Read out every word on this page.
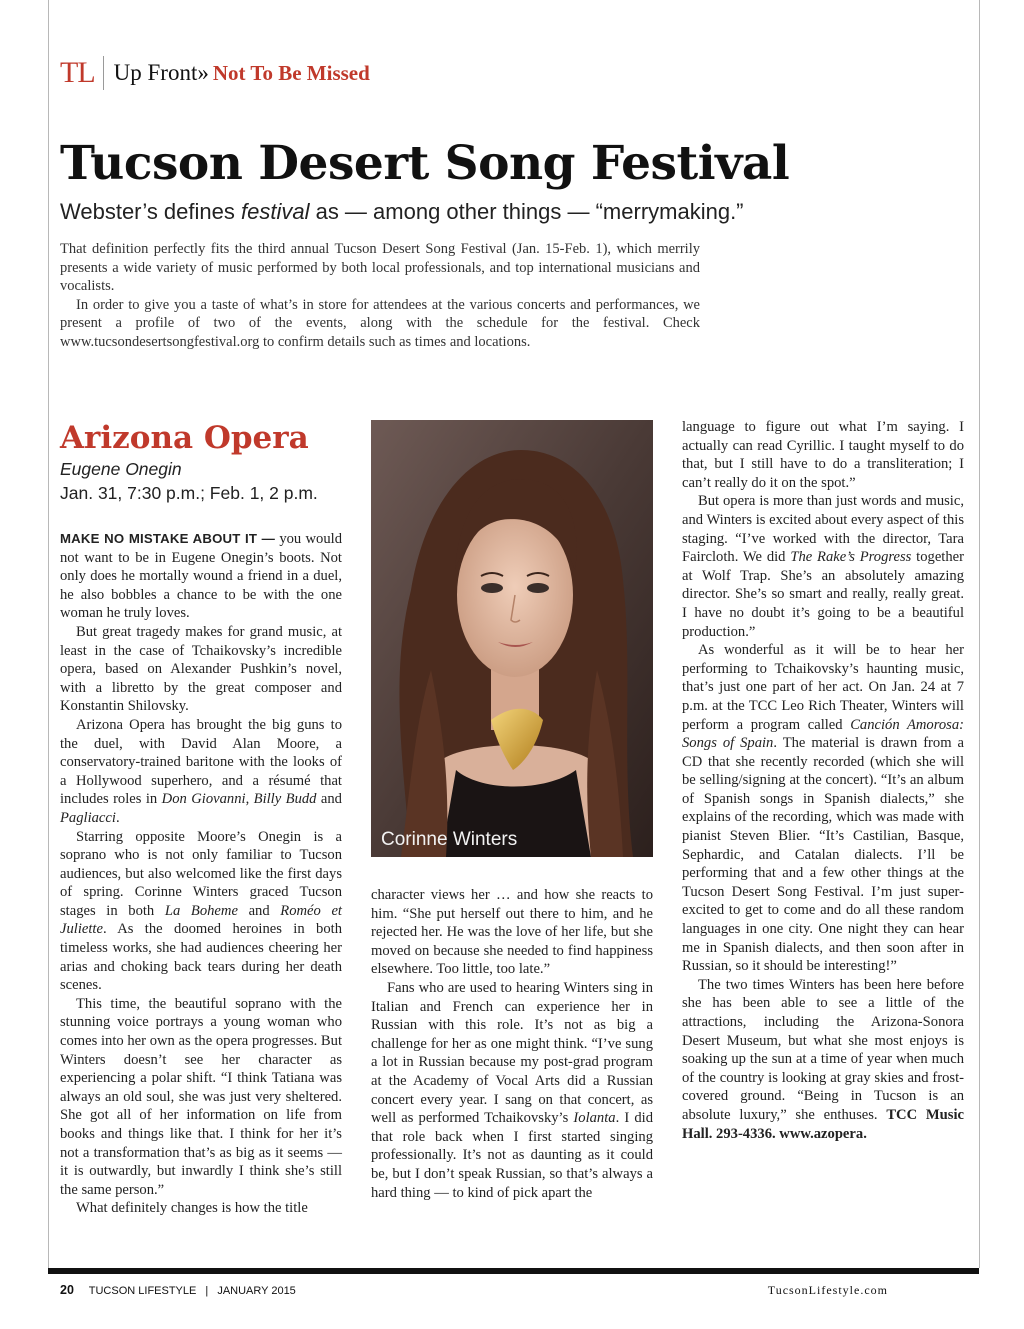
TL Up Front» Not To Be Missed
Tucson Desert Song Festival

Webster’s defines festival as — among other things — “merrymaking.”

That definition perfectly fits the third annual Tucson Desert Song Festival (Jan. 15-Feb. 1), which merrily presents a wide variety of music performed by both local professionals, and top international musicians and vocalists.

In order to give you a taste of what’s in store for attendees at the various concerts and performances, we present a profile of two of the events, along with the schedule for the festival. Check www.tucsondesertsongfestival.org to confirm details such as times and locations.

Arizona Opera
Eugene Onegin
Jan. 31, 7:30 p.m.; Feb. 1, 2 p.m.

MAKE NO MISTAKE ABOUT IT — you would not want to be in Eugene Onegin’s boots. Not only does he mortally wound a friend in a duel, he also bobbles a chance to be with the one woman he truly loves.

But great tragedy makes for grand music, at least in the case of Tchaikovsky’s incredible opera, based on Alexander Pushkin’s novel, with a libretto by the great composer and Konstantin Shilovsky.

Arizona Opera has brought the big guns to the duel, with David Alan Moore, a conservatory-trained baritone with the looks of a Hollywood superhero, and a résumé that includes roles in Don Giovanni, Billy Budd and Pagliacci.

Starring opposite Moore’s Onegin is a soprano who is not only familiar to Tucson audiences, but also welcomed like the first days of spring. Corinne Winters graced Tucson stages in both La Boheme and Roméo et Juliette. As the doomed heroines in both timeless works, she had audiences cheering her arias and choking back tears during her death scenes.

This time, the beautiful soprano with the stunning voice portrays a young woman who comes into her own as the opera progresses. But Winters doesn’t see her character as experiencing a polar shift. “I think Tatiana was always an old soul, she was just very sheltered. She got all of her information on life from books and things like that. I think for her it’s not a transformation that’s as big as it seems — it is outwardly, but inwardly I think she’s still the same person.”

What definitely changes is how the title

Corinne Winters

character views her … and how she reacts to him. “She put herself out there to him, and he rejected her. He was the love of her life, but she moved on because she needed to find happiness elsewhere. Too little, too late.”

Fans who are used to hearing Winters sing in Italian and French can experience her in Russian with this role. It’s not as big a challenge for her as one might think. “I’ve sung a lot in Russian because my post-grad program at the Academy of Vocal Arts did a Russian concert every year. I sang on that concert, as well as performed Tchaikovsky’s Iolanta. I did that role back when I first started singing professionally. It’s not as daunting as it could be, but I don’t speak Russian, so that’s always a hard thing — to kind of pick apart the

language to figure out what I’m saying. I actually can read Cyrillic. I taught myself to do that, but I still have to do a transliteration; I can’t really do it on the spot.”

But opera is more than just words and music, and Winters is excited about every aspect of this staging. “I’ve worked with the director, Tara Faircloth. We did The Rake’s Progress together at Wolf Trap. She’s an absolutely amazing director. She’s so smart and really, really great. I have no doubt it’s going to be a beautiful production.”

As wonderful as it will be to hear her performing to Tchaikovsky’s haunting music, that’s just one part of her act. On Jan. 24 at 7 p.m. at the TCC Leo Rich Theater, Winters will perform a program called Canción Amorosa: Songs of Spain. The material is drawn from a CD that she recently recorded (which she will be selling/signing at the concert). “It’s an album of Spanish songs in Spanish dialects,” she explains of the recording, which was made with pianist Steven Blier. “It’s Castilian, Basque, Sephardic, and Catalan dialects. I’ll be performing that and a few other things at the Tucson Desert Song Festival. I’m just super-excited to get to come and do all these random languages in one city. One night they can hear me in Spanish dialects, and then soon after in Russian, so it should be interesting!”

The two times Winters has been here before she has been able to see a little of the attractions, including the Arizona-Sonora Desert Museum, but what she most enjoys is soaking up the sun at a time of year when much of the country is looking at gray skies and frost-covered ground. “Being in Tucson is an absolute luxury,” she enthuses. TCC Music Hall. 293-4336. www.azopera.

20 TUCSON LIFESTYLE | JANUARY 2015	TucsonLifestyle.com
